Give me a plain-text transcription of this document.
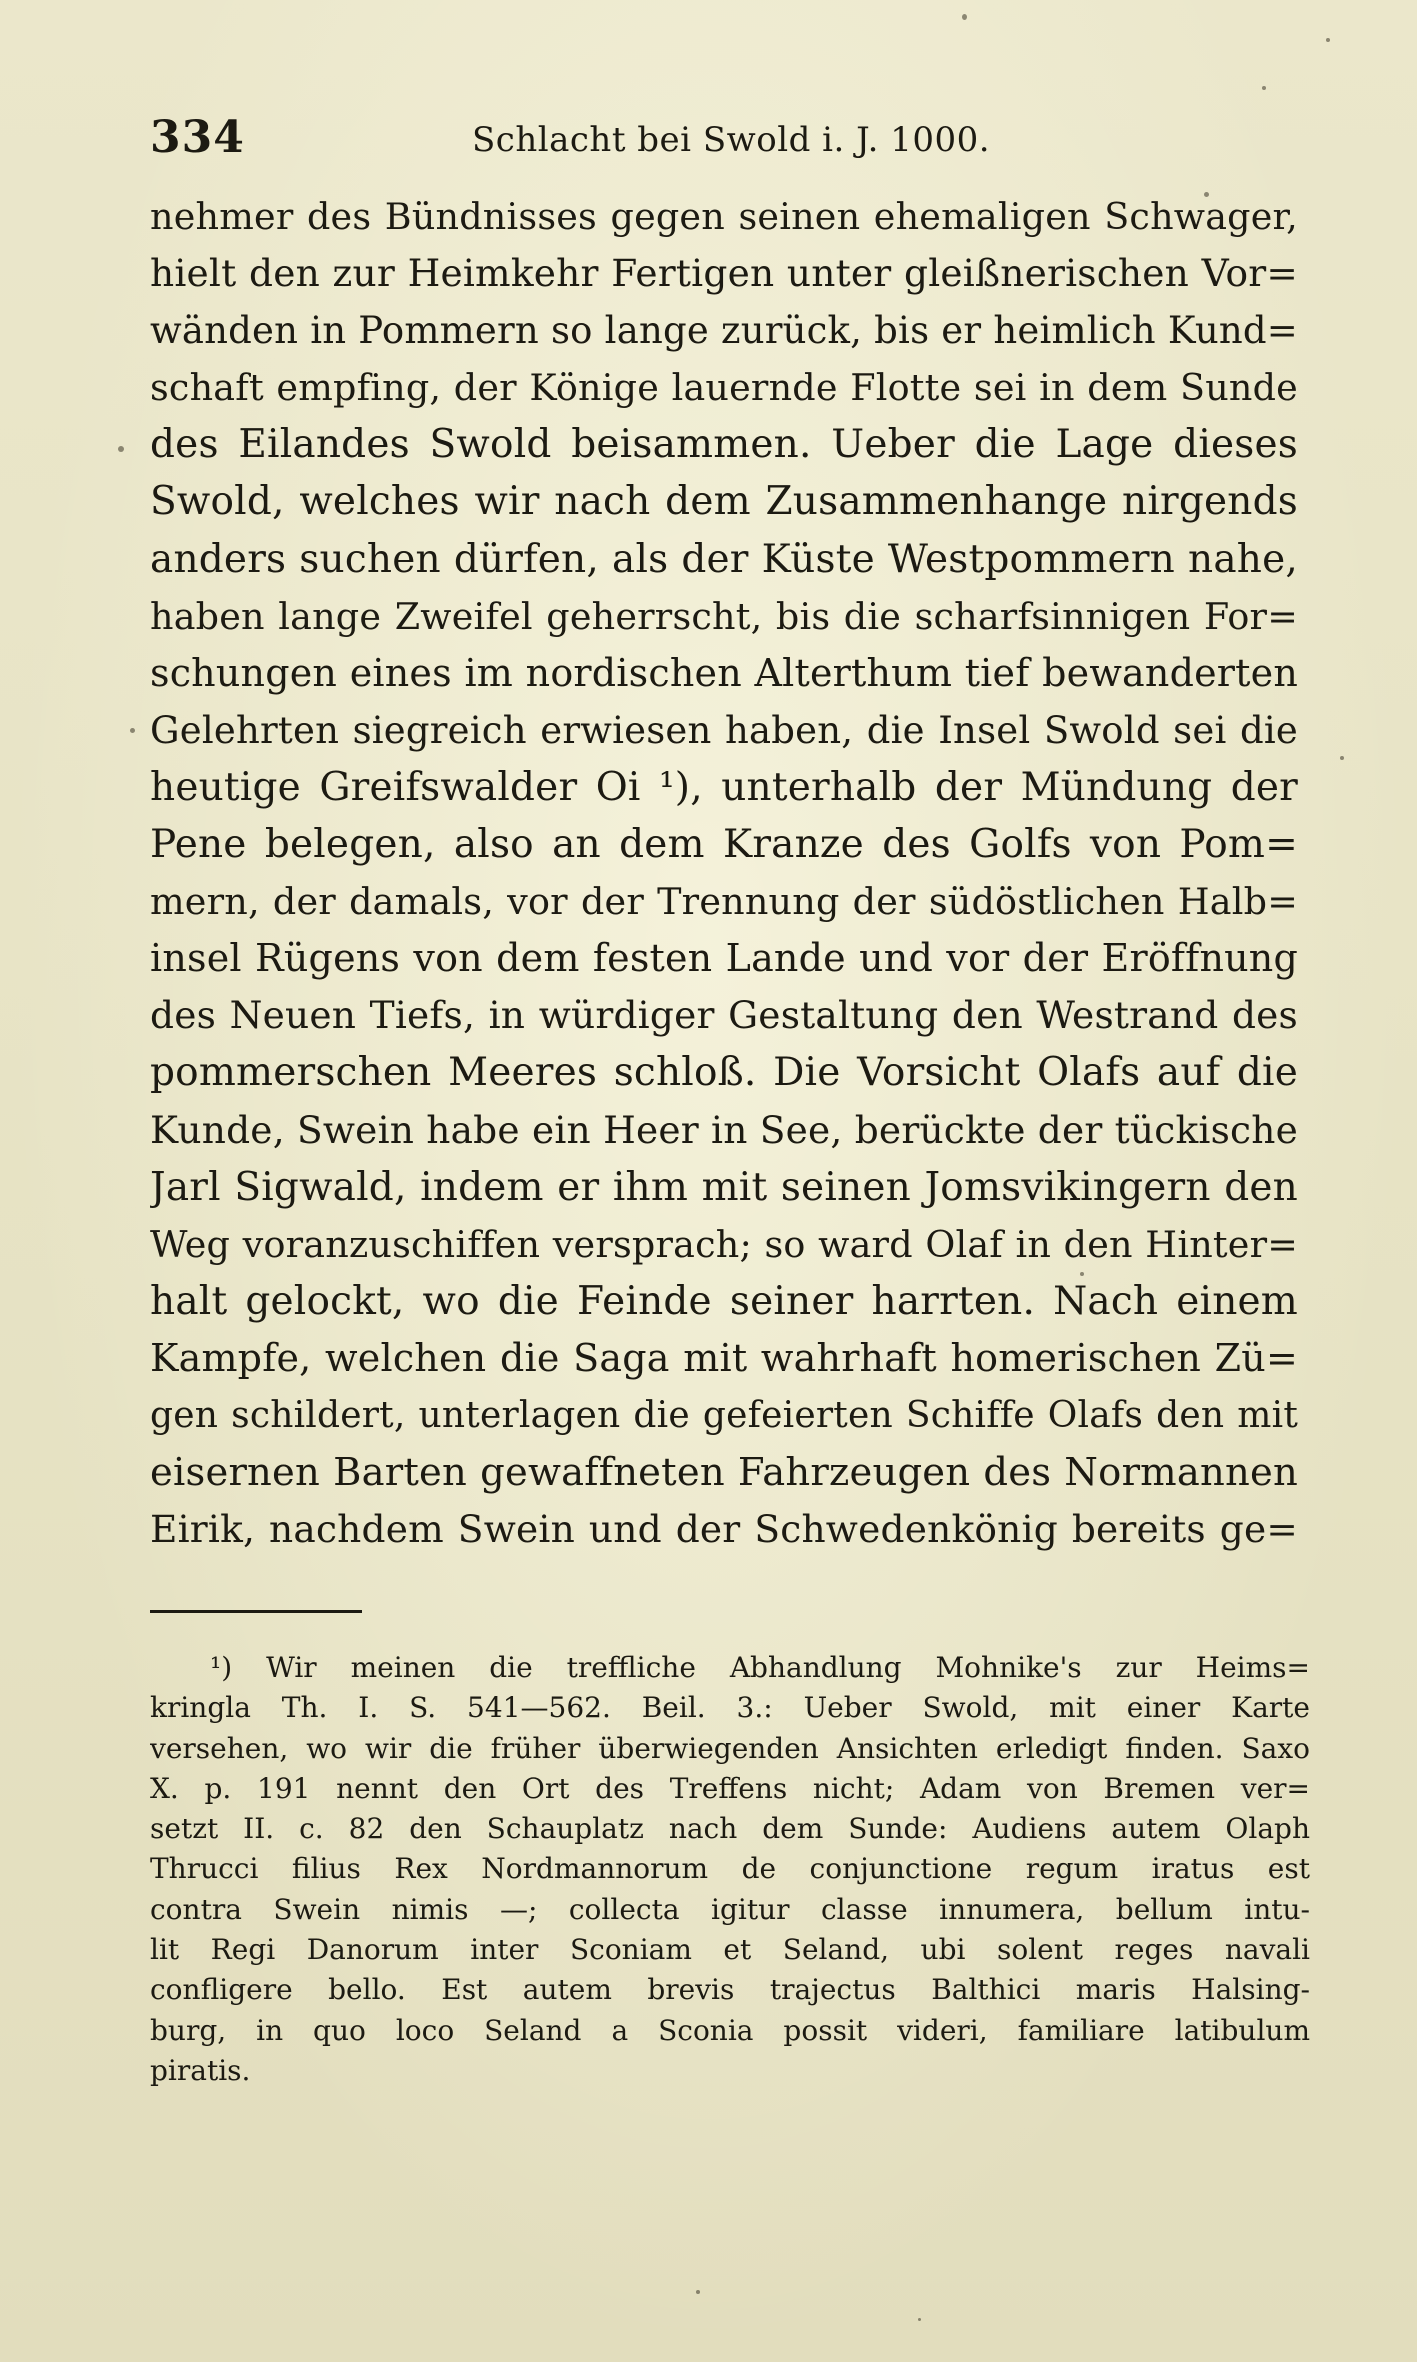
334	Schlacht bei Swold i. J. 1000.
nehmer des Bündnisses gegen seinen ehemaligen Schwager,
hielt den zur Heimkehr Fertigen unter gleißnerischen Vor=
wänden in Pommern so lange zurück, bis er heimlich Kund=
schaft empfing, der Könige lauernde Flotte sei in dem Sunde
des Eilandes Swold beisammen. Ueber die Lage dieses
Swold, welches wir nach dem Zusammenhange nirgends
anders suchen dürfen, als der Küste Westpommern nahe,
haben lange Zweifel geherrscht, bis die scharfsinnigen For=
schungen eines im nordischen Alterthum tief bewanderten
Gelehrten siegreich erwiesen haben, die Insel Swold sei die
heutige Greifswalder Oi ¹), unterhalb der Mündung der
Pene belegen, also an dem Kranze des Golfs von Pom=
mern, der damals, vor der Trennung der südöstlichen Halb=
insel Rügens von dem festen Lande und vor der Eröffnung
des Neuen Tiefs, in würdiger Gestaltung den Westrand des
pommerschen Meeres schloß. Die Vorsicht Olafs auf die
Kunde, Swein habe ein Heer in See, berückte der tückische
Jarl Sigwald, indem er ihm mit seinen Jomsvikingern den
Weg voranzuschiffen versprach; so ward Olaf in den Hinter=
halt gelockt, wo die Feinde seiner harrten. Nach einem
Kampfe, welchen die Saga mit wahrhaft homerischen Zü=
gen schildert, unterlagen die gefeierten Schiffe Olafs den mit
eisernen Barten gewaffneten Fahrzeugen des Normannen
Eirik, nachdem Swein und der Schwedenkönig bereits ge=
¹) Wir meinen die treffliche Abhandlung Mohnike's zur Heims=
kringla Th. I. S. 541—562. Beil. 3.: Ueber Swold, mit einer Karte
versehen, wo wir die früher überwiegenden Ansichten erledigt finden. Saxo
X. p. 191 nennt den Ort des Treffens nicht; Adam von Bremen ver=
setzt II. c. 82 den Schauplatz nach dem Sunde: Audiens autem Olaph
Thrucci filius Rex Nordmannorum de conjunctione regum iratus est
contra Swein nimis —; collecta igitur classe innumera, bellum intu-
lit Regi Danorum inter Sconiam et Seland, ubi solent reges navali
confligere bello. Est autem brevis trajectus Balthici maris Halsing-
burg, in quo loco Seland a Sconia possit videri, familiare latibulum
piratis.
